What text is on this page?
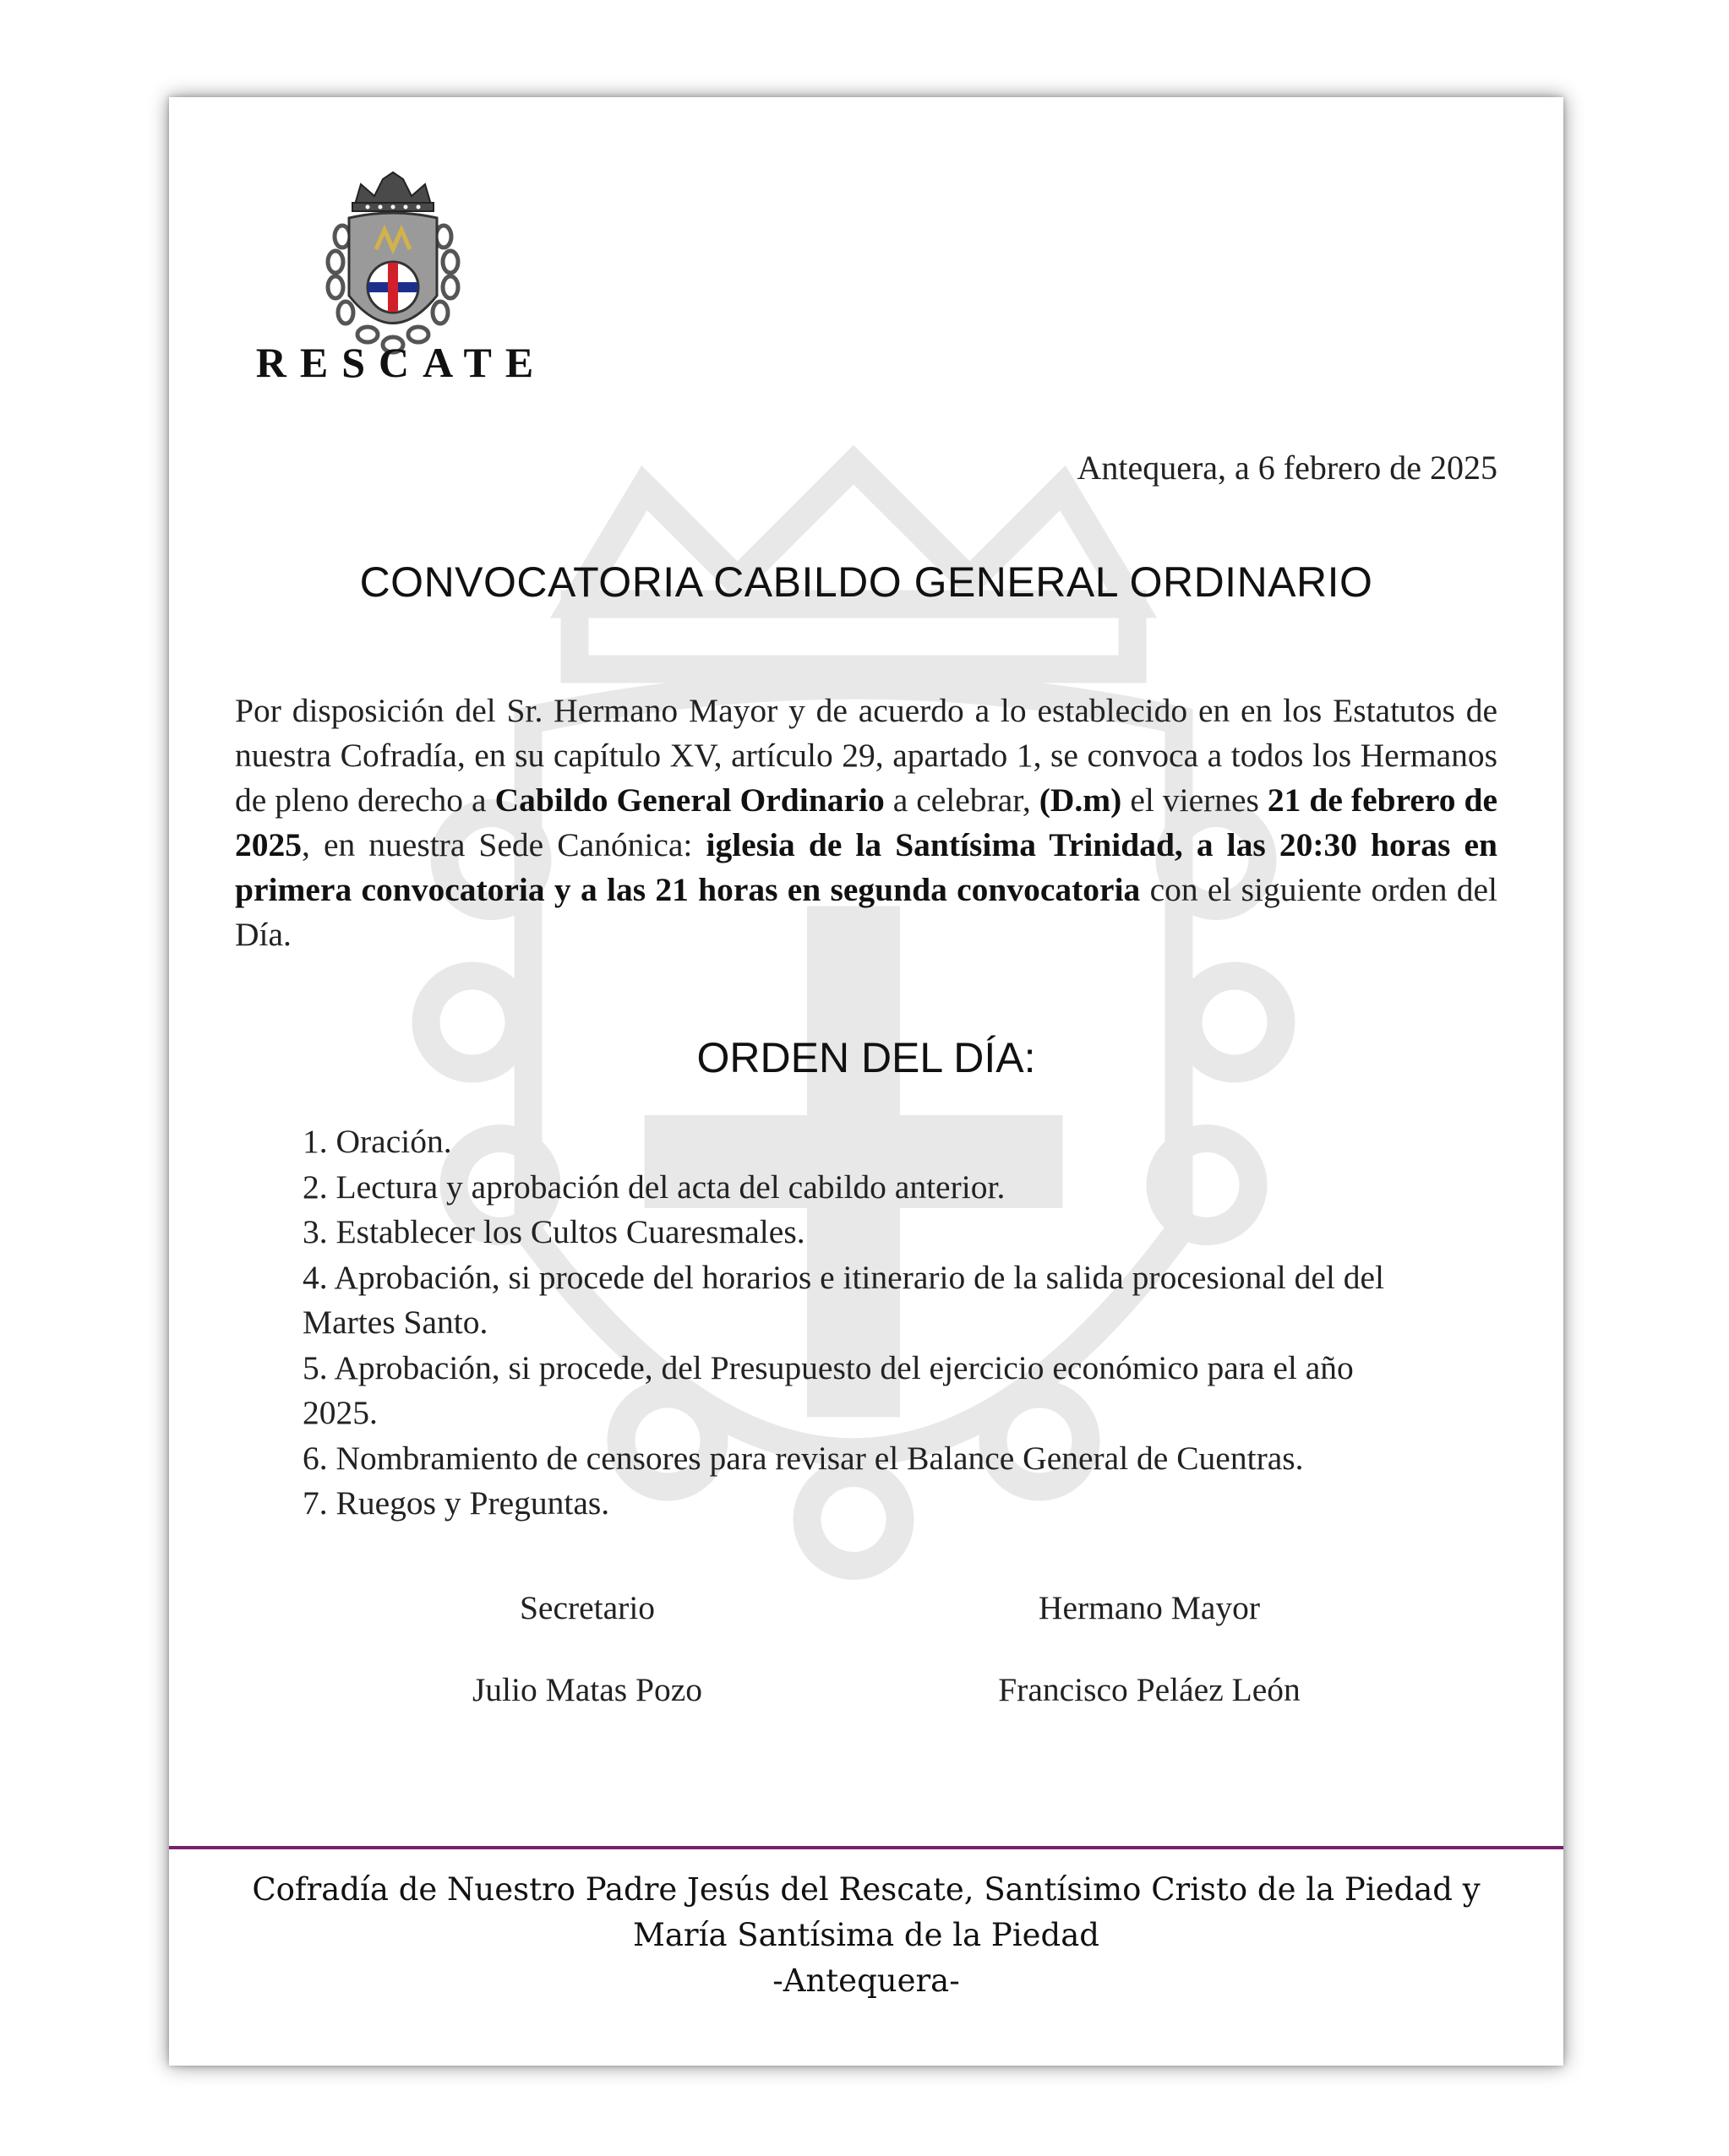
RESCATE
Antequera, a 6 febrero de 2025
CONVOCATORIA CABILDO GENERAL ORDINARIO
Por disposición del Sr. Hermano Mayor y de acuerdo a lo establecido en en los Estatutos de nuestra Cofradía, en su capítulo XV, artículo 29, apartado 1, se convoca a todos los Hermanos de pleno derecho a Cabildo General Ordinario a celebrar, (D.m) el viernes 21 de febrero de 2025, en nuestra Sede Canónica: iglesia de la Santísima Trinidad, a las 20:30 horas en primera convocatoria y a las 21 horas en segunda convocatoria con el siguiente orden del Día.
ORDEN DEL DÍA:

1. Oración.

2. Lectura y aprobación del acta del cabildo anterior.

3. Establecer los Cultos Cuaresmales.

4. Aprobación, si procede del horarios e itinerario de la salida procesional del del Martes Santo.

5. Aprobación, si procede, del Presupuesto del ejercicio económico para el año 2025.

6. Nombramiento de censores para revisar el Balance General de Cuentras.

7. Ruegos y Preguntas.

Secretario	Hermano Mayor
Julio Matas Pozo	Francisco Peláez León
Cofradía de Nuestro Padre Jesús del Rescate, Santísimo Cristo de la Piedad y
María Santísima de la Piedad
-Antequera-
